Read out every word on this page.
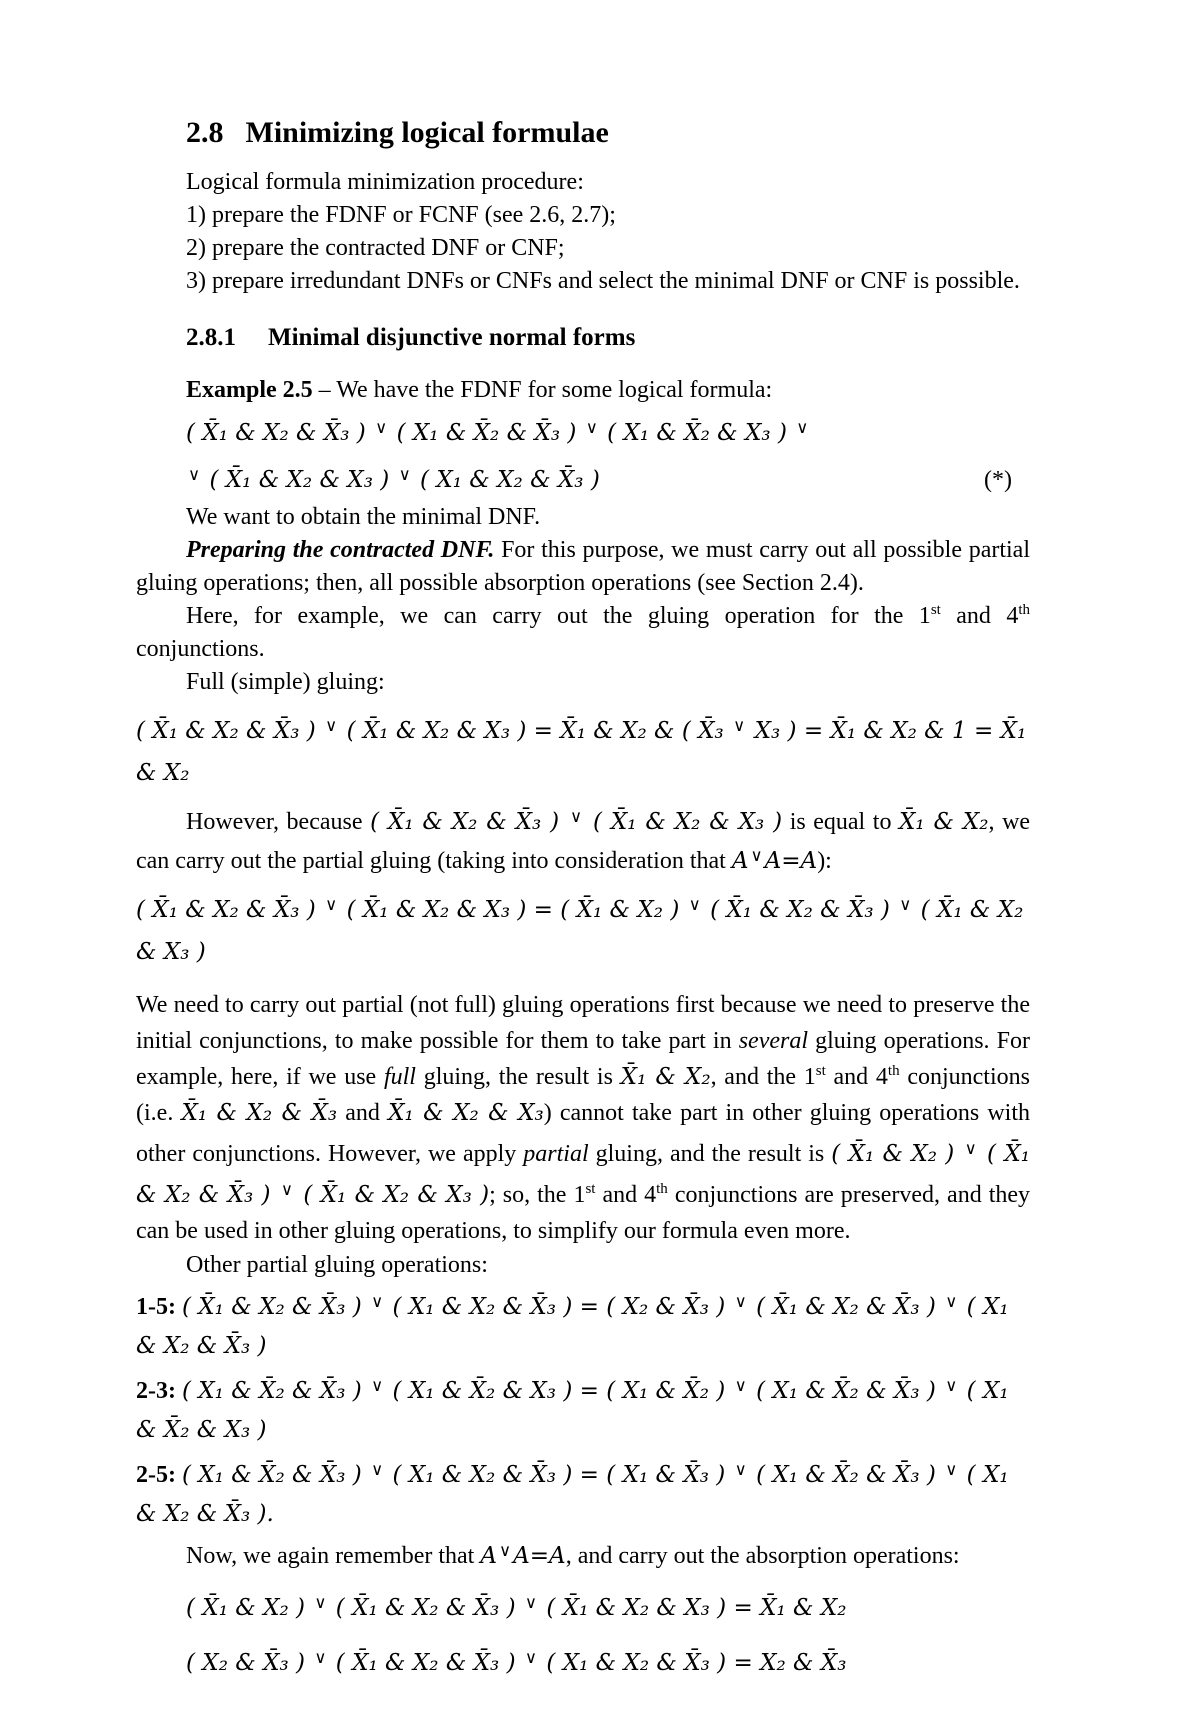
2.8 Minimizing logical formulae

Logical formula minimization procedure:

1) prepare the FDNF or FCNF (see 2.6, 2.7);

2) prepare the contracted DNF or CNF;

3) prepare irredundant DNFs or CNFs and select the minimal DNF or CNF is possible.

2.8.1 Minimal disjunctive normal forms

Example 2.5 – We have the FDNF for some logical formula:

( X̄₁ & X₂ & X̄₃ ) ∨ ( X₁ & X̄₂ & X̄₃ ) ∨ ( X₁ & X̄₂ & X₃ ) ∨

∨ ( X̄₁ & X₂ & X₃ ) ∨ ( X₁ & X₂ & X̄₃ )	(*)

We want to obtain the minimal DNF.

Preparing the contracted DNF. For this purpose, we must carry out all possible partial gluing operations; then, all possible absorption operations (see Section 2.4).

Here, for example, we can carry out the gluing operation for the 1st and 4th conjunctions.

Full (simple) gluing:

( X̄₁ & X₂ & X̄₃ ) ∨ ( X̄₁ & X₂ & X₃ ) = X̄₁ & X₂ & ( X̄₃ ∨ X₃ ) = X̄₁ & X₂ & 1 = X̄₁ & X₂

However, because ( X̄₁ & X₂ & X̄₃ ) ∨ ( X̄₁ & X₂ & X₃ ) is equal to X̄₁ & X₂, we can carry out the partial gluing (taking into consideration that A ∨A=A):

( X̄₁ & X₂ & X̄₃ ) ∨ ( X̄₁ & X₂ & X₃ ) = ( X̄₁ & X₂ ) ∨ ( X̄₁ & X₂ & X̄₃ ) ∨ ( X̄₁ & X₂ & X₃ )

We need to carry out partial (not full) gluing operations first because we need to preserve the initial conjunctions, to make possible for them to take part in several gluing operations. For example, here, if we use full gluing, the result is X̄₁ & X₂, and the 1st and 4th conjunctions (i.e. X̄₁ & X₂ & X̄₃ and X̄₁ & X₂ & X₃) cannot take part in other gluing operations with other conjunctions. However, we apply partial gluing, and the result is ( X̄₁ & X₂ ) ∨ ( X̄₁ & X₂ & X̄₃ ) ∨ ( X̄₁ & X₂ & X₃ ); so, the 1st and 4th conjunctions are preserved, and they can be used in other gluing operations, to simplify our formula even more.

Other partial gluing operations:

1-5: ( X̄₁ & X₂ & X̄₃ ) ∨ ( X₁ & X₂ & X̄₃ ) = ( X₂ & X̄₃ ) ∨ ( X̄₁ & X₂ & X̄₃ ) ∨ ( X₁ & X₂ & X̄₃ )

2-3: ( X₁ & X̄₂ & X̄₃ ) ∨ ( X₁ & X̄₂ & X₃ ) = ( X₁ & X̄₂ ) ∨ ( X₁ & X̄₂ & X̄₃ ) ∨ ( X₁ & X̄₂ & X₃ )

2-5: ( X₁ & X̄₂ & X̄₃ ) ∨ ( X₁ & X₂ & X̄₃ ) = ( X₁ & X̄₃ ) ∨ ( X₁ & X̄₂ & X̄₃ ) ∨ ( X₁ & X₂ & X̄₃ ).

Now, we again remember that A ∨A=A, and carry out the absorption operations:

( X̄₁ & X₂ ) ∨ ( X̄₁ & X₂ & X̄₃ ) ∨ ( X̄₁ & X₂ & X₃ ) = X̄₁ & X₂

( X₂ & X̄₃ ) ∨ ( X̄₁ & X₂ & X̄₃ ) ∨ ( X₁ & X₂ & X̄₃ ) = X₂ & X̄₃
